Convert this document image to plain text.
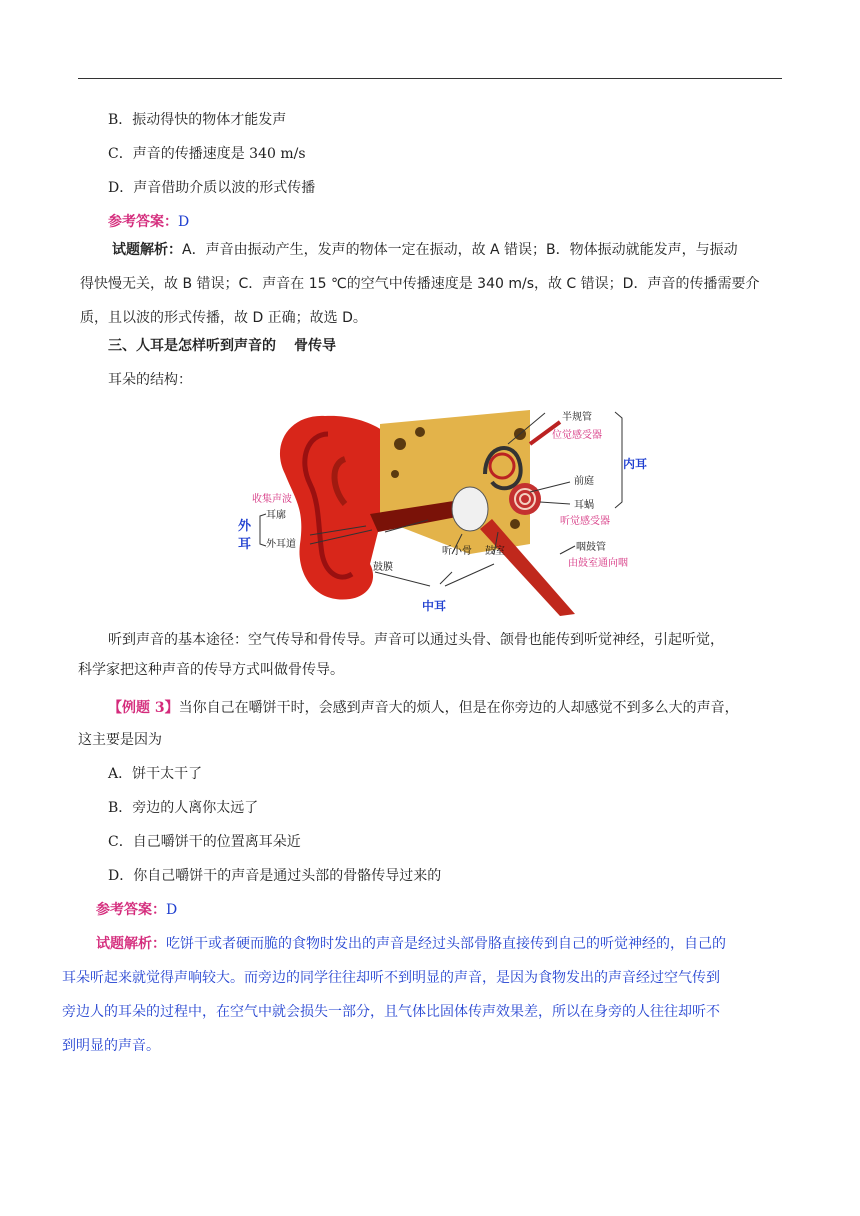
B．振动得快的物体才能发声
C．声音的传播速度是 340 m/s
D．声音借助介质以波的形式传播
参考答案：D
试题解析：A．声音由振动产生，发声的物体一定在振动，故 A 错误；B．物体振动就能发声，与振动
得快慢无关，故 B 错误；C．声音在 15 ℃的空气中传播速度是 340 m/s，故 C 错误；D．声音的传播需要介
质，且以波的形式传播，故 D 正确；故选 D。
三、人耳是怎样听到声音的 骨传导
耳朵的结构：
半规管
位觉感受器
内耳
前庭
耳蜗
听觉感受器
收集声波
外
耳
耳廓
外耳道
听小骨 鼓室
鼓膜
咽鼓管
由鼓室通向咽
中耳
听到声音的基本途径：空气传导和骨传导。声音可以通过头骨、颌骨也能传到听觉神经，引起听觉，
科学家把这种声音的传导方式叫做骨传导。
【例题 3】当你自己在嚼饼干时，会感到声音大的烦人，但是在你旁边的人却感觉不到多么大的声音，
这主要是因为
A．饼干太干了
B．旁边的人离你太远了
C．自己嚼饼干的位置离耳朵近
D．你自己嚼饼干的声音是通过头部的骨骼传导过来的
参考答案：D
试题解析：吃饼干或者硬而脆的食物时发出的声音是经过头部骨胳直接传到自己的听觉神经的，自己的
耳朵听起来就觉得声响较大。而旁边的同学往往却听不到明显的声音，是因为食物发出的声音经过空气传到
旁边人的耳朵的过程中，在空气中就会损失一部分，且气体比固体传声效果差，所以在身旁的人往往却听不
到明显的声音。
